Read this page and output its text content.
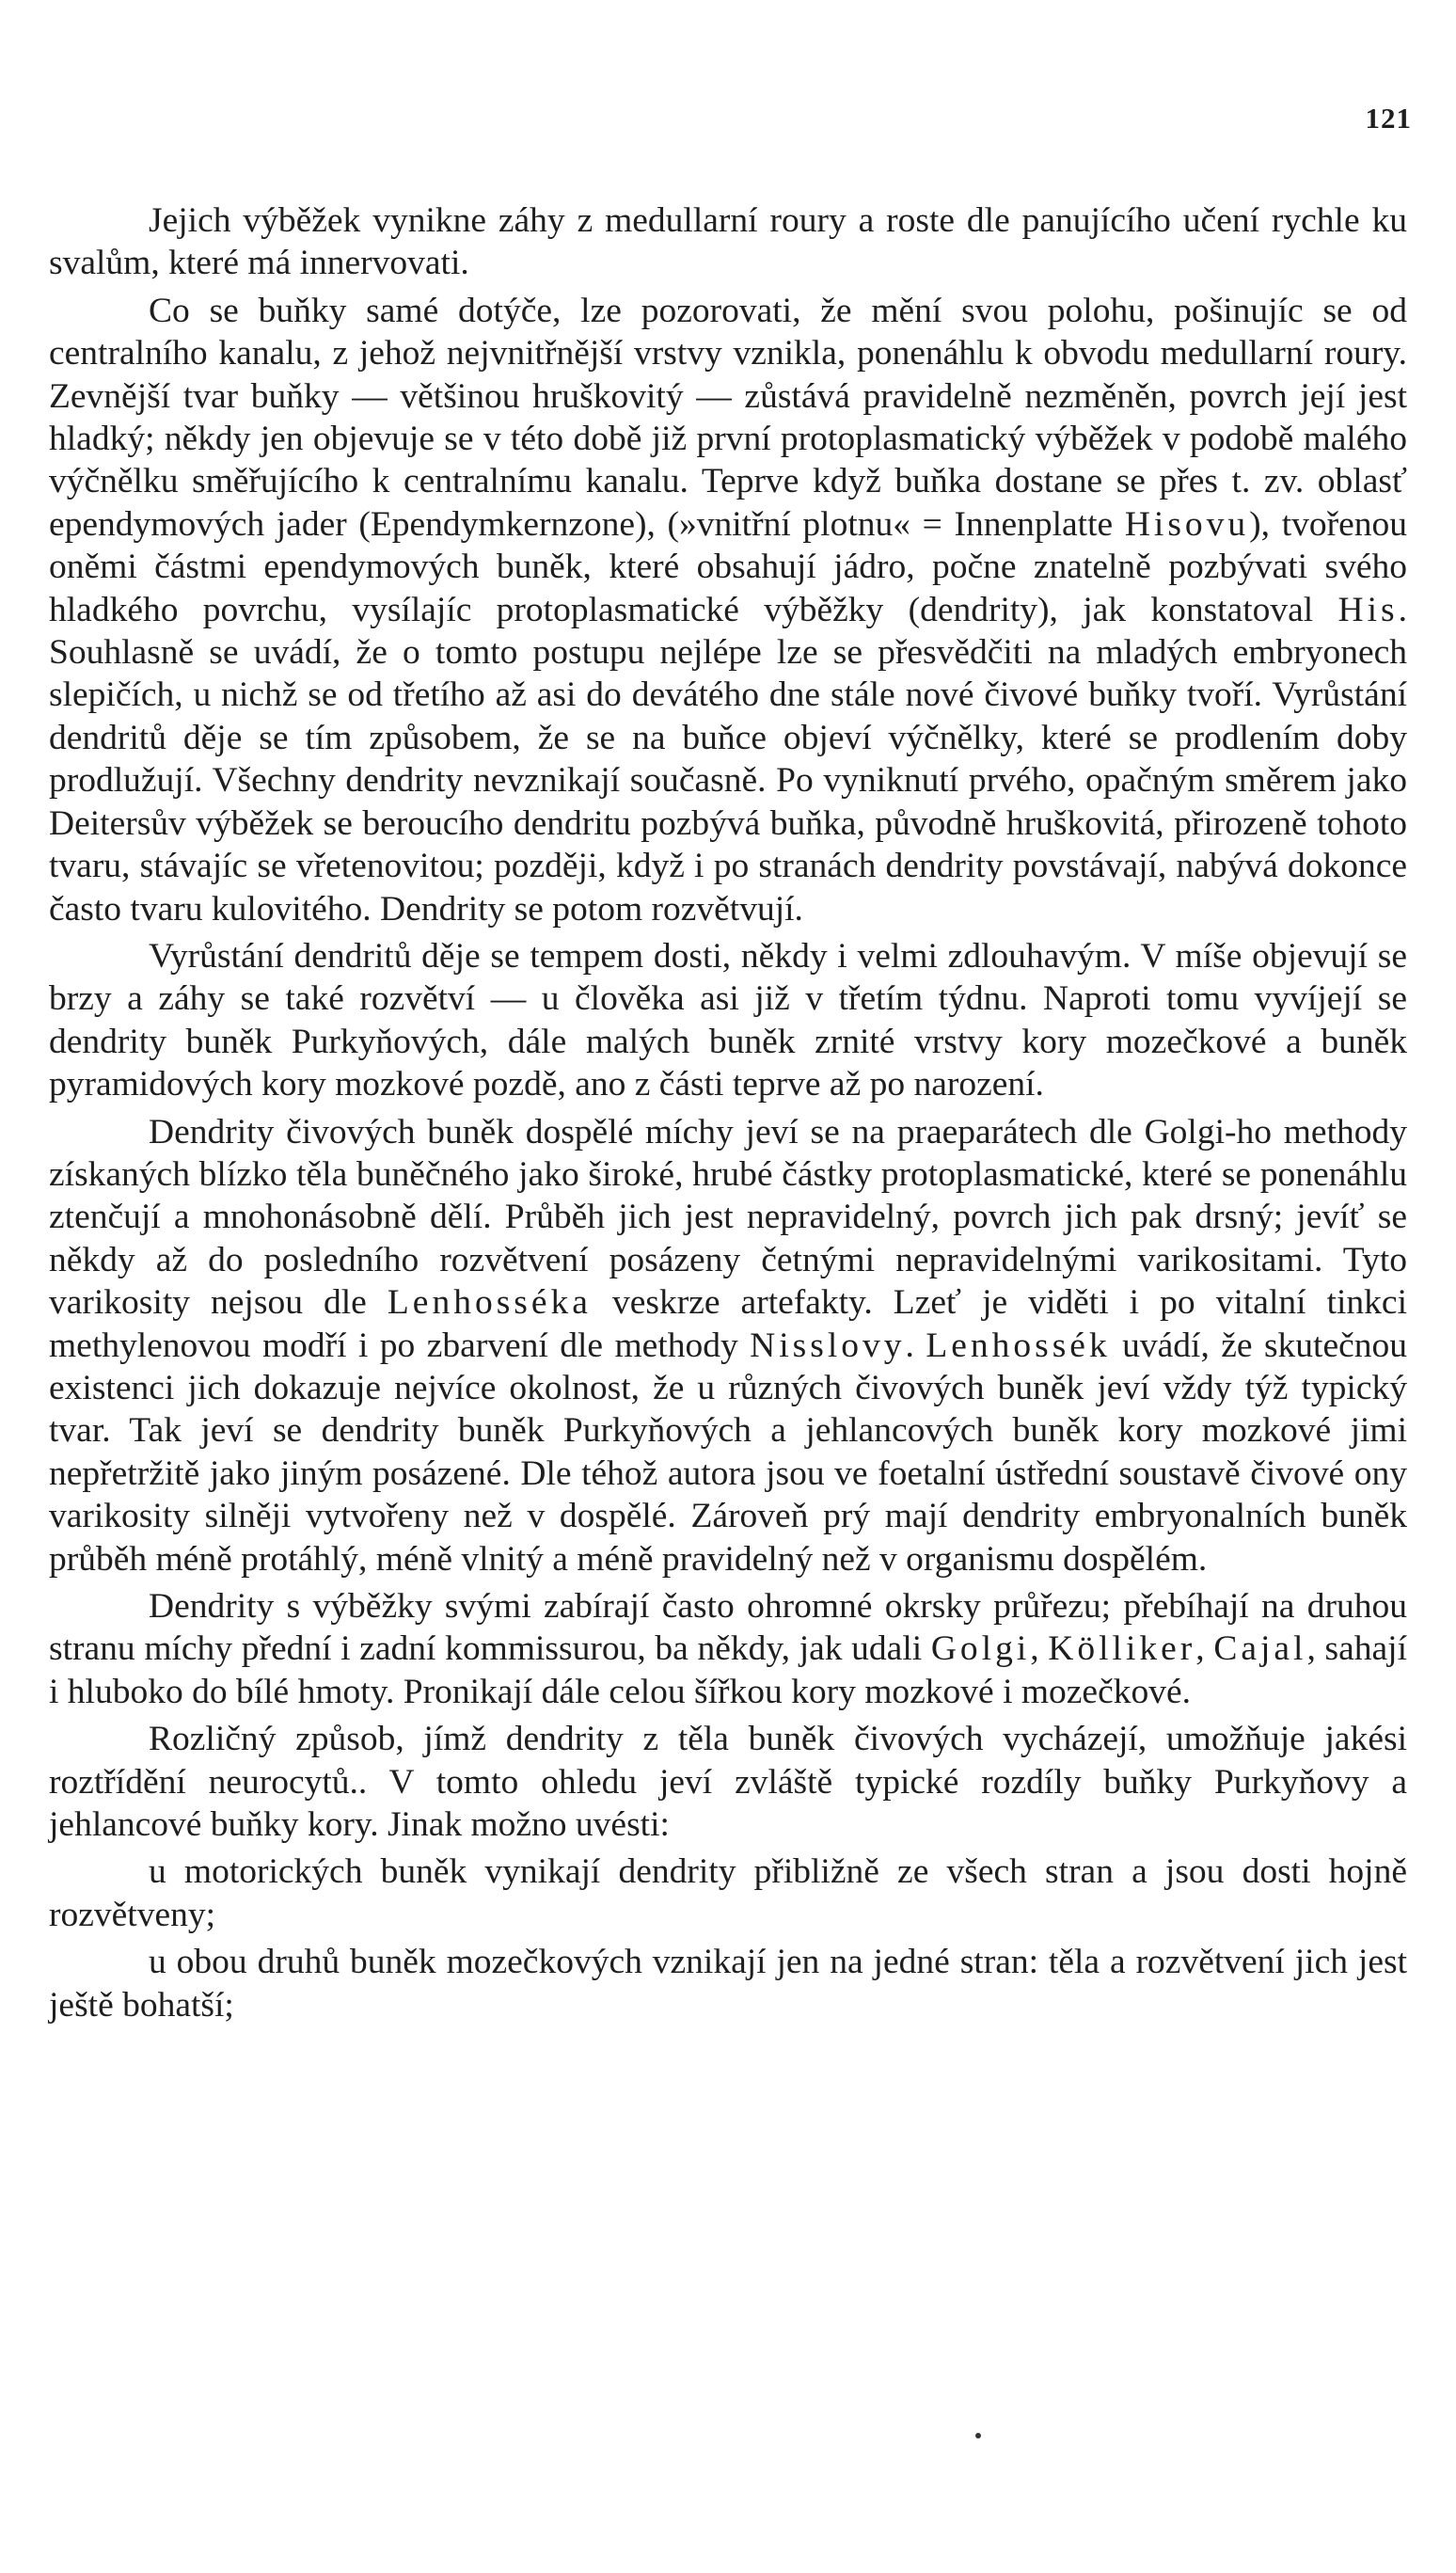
121

Jejich výběžek vynikne záhy z medullarní roury a roste dle panujícího učení rychle ku svalům, které má innervovati.

Co se buňky samé dotýče, lze pozorovati, že mění svou polohu, pošinujíc se od centralního kanalu, z jehož nejvnitřnější vrstvy vznikla, ponenáhlu k obvodu medullarní roury. Zevnější tvar buňky — většinou hruškovitý — zůstává pravidelně nezměněn, povrch její jest hladký; někdy jen objevuje se v této době již první protoplasmatický výběžek v podobě malého výčnělku směřujícího k centralnímu kanalu. Teprve když buňka dostane se přes t. zv. oblasť ependymových jader (Ependymkernzone), (»vnitřní plotnu« = Innenplatte Hisovu), tvořenou oněmi částmi ependymových buněk, které obsahují jádro, počne znatelně pozbývati svého hladkého povrchu, vysílajíc protoplasmatické výběžky (dendrity), jak konstatoval His. Souhlasně se uvádí, že o tomto postupu nejlépe lze se přesvědčiti na mladých embryonech slepičích, u nichž se od třetího až asi do devátého dne stále nové čivové buňky tvoří. Vyrůstání dendritů děje se tím způsobem, že se na buňce objeví výčnělky, které se prodlením doby prodlužují. Všechny dendrity nevznikají současně. Po vyniknutí prvého, opačným směrem jako Deitersův výběžek se beroucího dendritu pozbývá buňka, původně hruškovitá, přirozeně tohoto tvaru, stávajíc se vřetenovitou; později, když i po stranách dendrity povstávají, nabývá dokonce často tvaru kulovitého. Dendrity se potom rozvětvují.

Vyrůstání dendritů děje se tempem dosti, někdy i velmi zdlouhavým. V míše objevují se brzy a záhy se také rozvětví — u člověka asi již v třetím týdnu. Naproti tomu vyvíjejí se dendrity buněk Purkyňových, dále malých buněk zrnité vrstvy kory mozečkové a buněk pyramidových kory mozkové pozdě, ano z části teprve až po narození.

Dendrity čivových buněk dospělé míchy jeví se na praeparátech dle Golgi-ho methody získaných blízko těla buněčného jako široké, hrubé částky protoplasmatické, které se ponenáhlu ztenčují a mnohonásobně dělí. Průběh jich jest nepravidelný, povrch jich pak drsný; jevíť se někdy až do posledního rozvětvení posázeny četnými nepravidelnými varikositami. Tyto varikosity nejsou dle Lenhosséka veskrze artefakty. Lzeť je viděti i po vitalní tinkci methylenovou modří i po zbarvení dle methody Nisslovy. Lenhossék uvádí, že skutečnou existenci jich dokazuje nejvíce okolnost, že u různých čivových buněk jeví vždy týž typický tvar. Tak jeví se dendrity buněk Purkyňových a jehlancových buněk kory mozkové jimi nepřetržitě jako jiným posázené. Dle téhož autora jsou ve foetalní ústřední soustavě čivové ony varikosity silněji vytvořeny než v dospělé. Zároveň prý mají dendrity embryonalních buněk průběh méně protáhlý, méně vlnitý a méně pravidelný než v organismu dospělém.

Dendrity s výběžky svými zabírají často ohromné okrsky průřezu; přebíhají na druhou stranu míchy přední i zadní kommissurou, ba někdy, jak udali Golgi, Kölliker, Cajal, sahají i hluboko do bílé hmoty. Pronikají dále celou šířkou kory mozkové i mozečkové.

Rozličný způsob, jímž dendrity z těla buněk čivových vycházejí, umožňuje jakési roztřídění neurocytů.. V tomto ohledu jeví zvláště typické rozdíly buňky Purkyňovy a jehlancové buňky kory. Jinak možno uvésti:

u motorických buněk vynikají dendrity přibližně ze všech stran a jsou dosti hojně rozvětveny;

u obou druhů buněk mozečkových vznikají jen na jedné stran: těla a rozvětvení jich jest ještě bohatší;
